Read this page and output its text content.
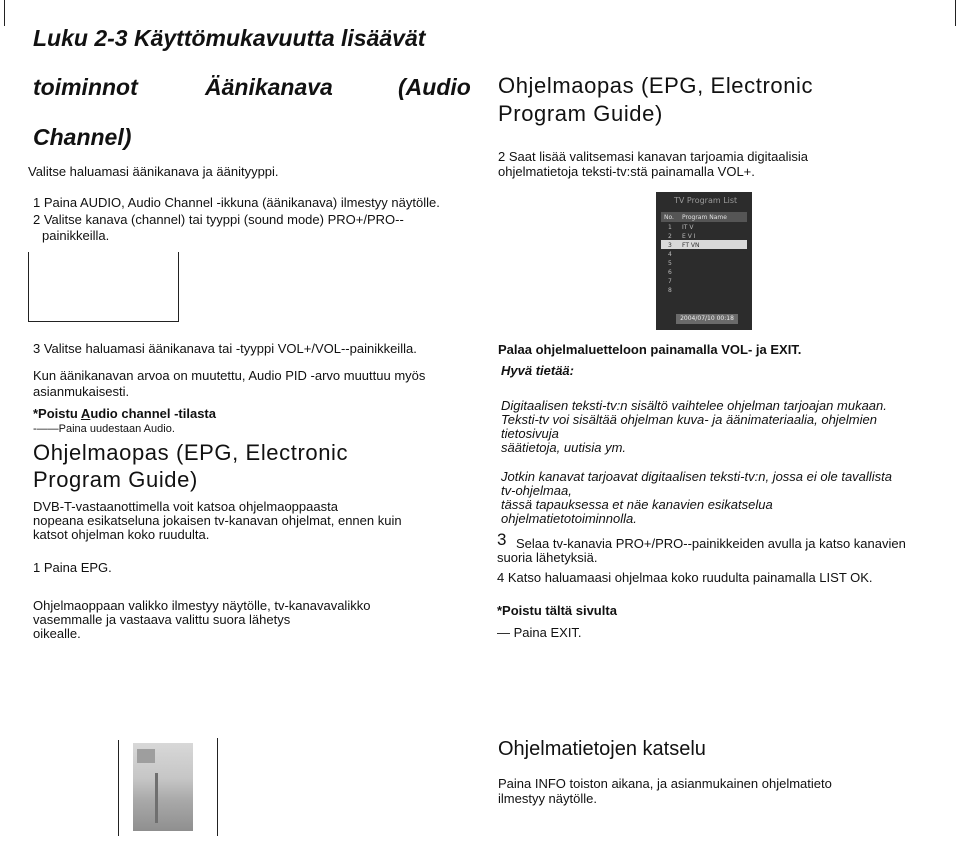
Luku 2-3 Käyttömukavuutta lisäävät
toiminnot	Äänikanava	(Audio
Channel)
Valitse haluamasi äänikanava ja äänityyppi.
1 Paina AUDIO, Audio Channel -ikkuna (äänikanava) ilmestyy näytölle.
2 Valitse kanava (channel) tai tyyppi (sound mode) PRO+/PRO--
painikkeilla.
3 Valitse haluamasi äänikanava tai -tyyppi VOL+/VOL--painikkeilla.
Kun äänikanavan arvoa on muutettu, Audio PID -arvo muuttuu myös
asianmukaisesti.
*Poistu Audio channel -tilasta
-——Paina uudestaan Audio.
Ohjelmaopas (EPG, Electronic
Program Guide)
DVB-T-vastaanottimella voit katsoa ohjelmaoppaasta
nopeana esikatseluna jokaisen tv-kanavan ohjelmat, ennen kuin
katsot ohjelman koko ruudulta.
1 Paina EPG.
Ohjelmaoppaan valikko ilmestyy näytölle, tv-kanavavalikko
vasemmalle ja vastaava valittu suora lähetys
oikealle.
Ohjelmaopas (EPG, Electronic
Program Guide)
2 Saat lisää valitsemasi kanavan tarjoamia digitaalisia
ohjelmatietoja teksti-tv:stä painamalla VOL+.
TV Program List
No. Program Name
1 IT V
2 E V I
3 FT VN
4
5
6
7
8
2004/07/10 00:18
Palaa ohjelmaluetteloon painamalla VOL- ja EXIT.
Hyvä tietää:
Digitaalisen teksti-tv:n sisältö vaihtelee ohjelman tarjoajan mukaan.
Teksti-tv voi sisältää ohjelman kuva- ja äänimateriaalia, ohjelmien
tietosivuja
säätietoja, uutisia ym.
Jotkin kanavat tarjoavat digitaalisen teksti-tv:n, jossa ei ole tavallista
tv-ohjelmaa,
tässä tapauksessa et näe kanavien esikatselua
ohjelmatietotoiminnolla.
3 Selaa tv-kanavia PRO+/PRO--painikkeiden avulla ja katso kanavien
suoria lähetyksiä.
4 Katso haluamaasi ohjelmaa koko ruudulta painamalla LIST OK.
*Poistu tältä sivulta
— Paina EXIT.
Ohjelmatietojen katselu
Paina INFO toiston aikana, ja asianmukainen ohjelmatieto
ilmestyy näytölle.
